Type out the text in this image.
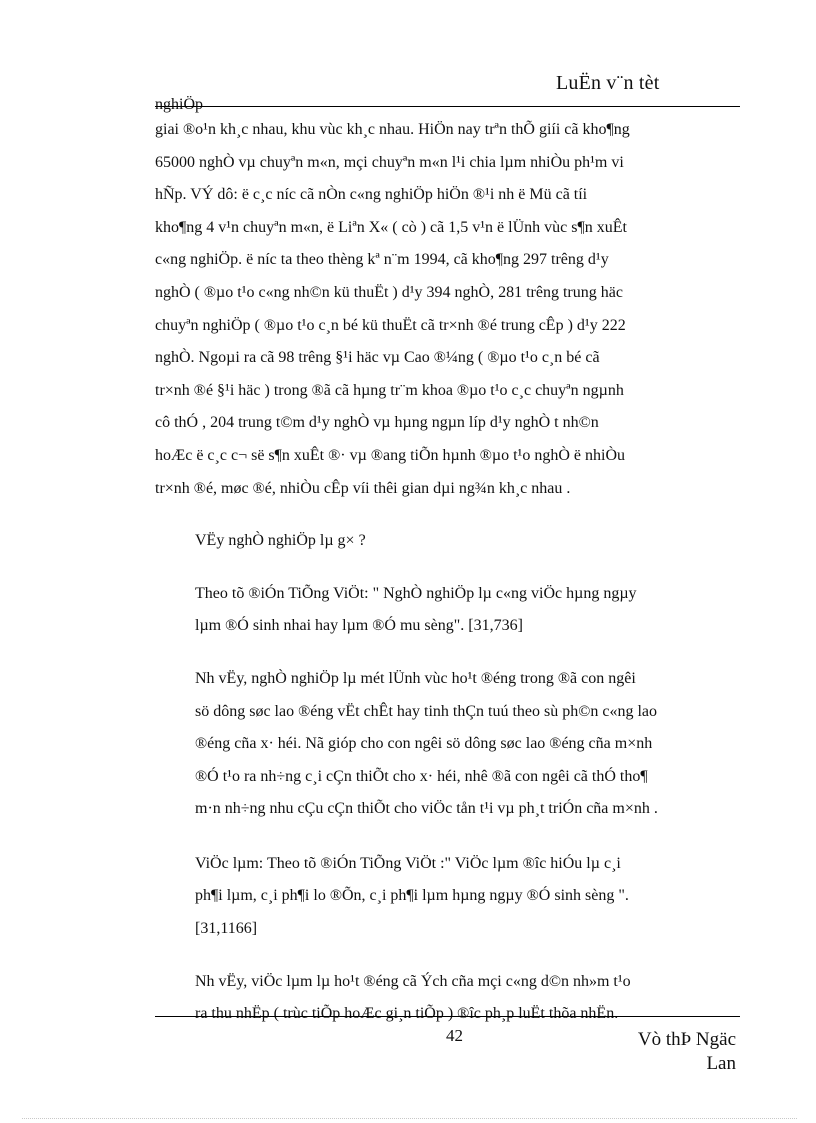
LuËn v¨n tèt
nghiÖp
giai ®o¹n kh¸c nhau, khu vùc kh¸c nhau. HiÖn nay trªn thÕ giíi cã kho¶ng
65000 nghÒ vµ chuyªn m«n, mçi chuyªn m«n l¹i chia lµm nhiÒu ph¹m vi
hÑp. VÝ dô: ë c¸c níc cã nÒn c«ng nghiÖp hiÖn ®¹i nh ë Mü cã tíi
kho¶ng 4 v¹n chuyªn m«n, ë Liªn X« ( cò ) cã 1,5 v¹n ë lÜnh vùc s¶n xuÊt
c«ng nghiÖp. ë níc ta theo thèng kª n¨m 1994, cã kho¶ng 297 trêng d¹y
nghÒ ( ®µo t¹o c«ng nh©n kü thuËt ) d¹y 394 nghÒ, 281 trêng trung häc
chuyªn nghiÖp ( ®µo t¹o c¸n bé kü thuËt cã tr×nh ®é trung cÊp ) d¹y 222
nghÒ. Ngoµi ra cã 98 trêng §¹i häc vµ Cao ®¼ng ( ®µo t¹o c¸n bé cã
tr×nh ®é §¹i häc ) trong ®ã cã hµng tr¨m khoa ®µo t¹o c¸c chuyªn ngµnh
cô thÓ , 204 trung t©m d¹y nghÒ vµ hµng ngµn líp d¹y nghÒ t nh©n
hoÆc ë c¸c c¬ së s¶n xuÊt ®· vµ ®ang tiÕn hµnh ®µo t¹o nghÒ ë nhiÒu
tr×nh ®é, møc ®é, nhiÒu cÊp víi thêi gian dµi ng¾n kh¸c nhau .
VËy nghÒ nghiÖp lµ g× ?
Theo tõ ®iÓn TiÕng ViÖt: " NghÒ nghiÖp lµ c«ng viÖc hµng ngµy
lµm ®Ó sinh nhai hay lµm ®Ó mu sèng". [31,736]
Nh vËy, nghÒ nghiÖp lµ mét lÜnh vùc ho¹t ®éng trong ®ã con ngêi
sö dông søc lao ®éng vËt chÊt hay tinh thÇn tuú theo sù ph©n c«ng lao
®éng cña x· héi. Nã gióp cho con ngêi sö dông søc lao ®éng cña m×nh
®Ó t¹o ra nh÷ng c¸i cÇn thiÕt cho x· héi, nhê ®ã con ngêi cã thÓ tho¶
m·n nh÷ng nhu cÇu cÇn thiÕt cho viÖc tån t¹i vµ ph¸t triÓn cña m×nh .
ViÖc lµm: Theo tõ ®iÓn TiÕng ViÖt :" ViÖc lµm ®îc hiÓu lµ c¸i
ph¶i lµm, c¸i ph¶i lo ®Õn, c¸i ph¶i lµm hµng ngµy ®Ó sinh sèng ".
[31,1166]
Nh vËy, viÖc lµm lµ ho¹t ®éng cã Ých cña mçi c«ng d©n nh»m t¹o
ra thu nhËp ( trùc tiÕp hoÆc gi¸n tiÕp ) ®îc ph¸p luËt thõa nhËn.
42	Vò thÞ Ngäc
Lan
